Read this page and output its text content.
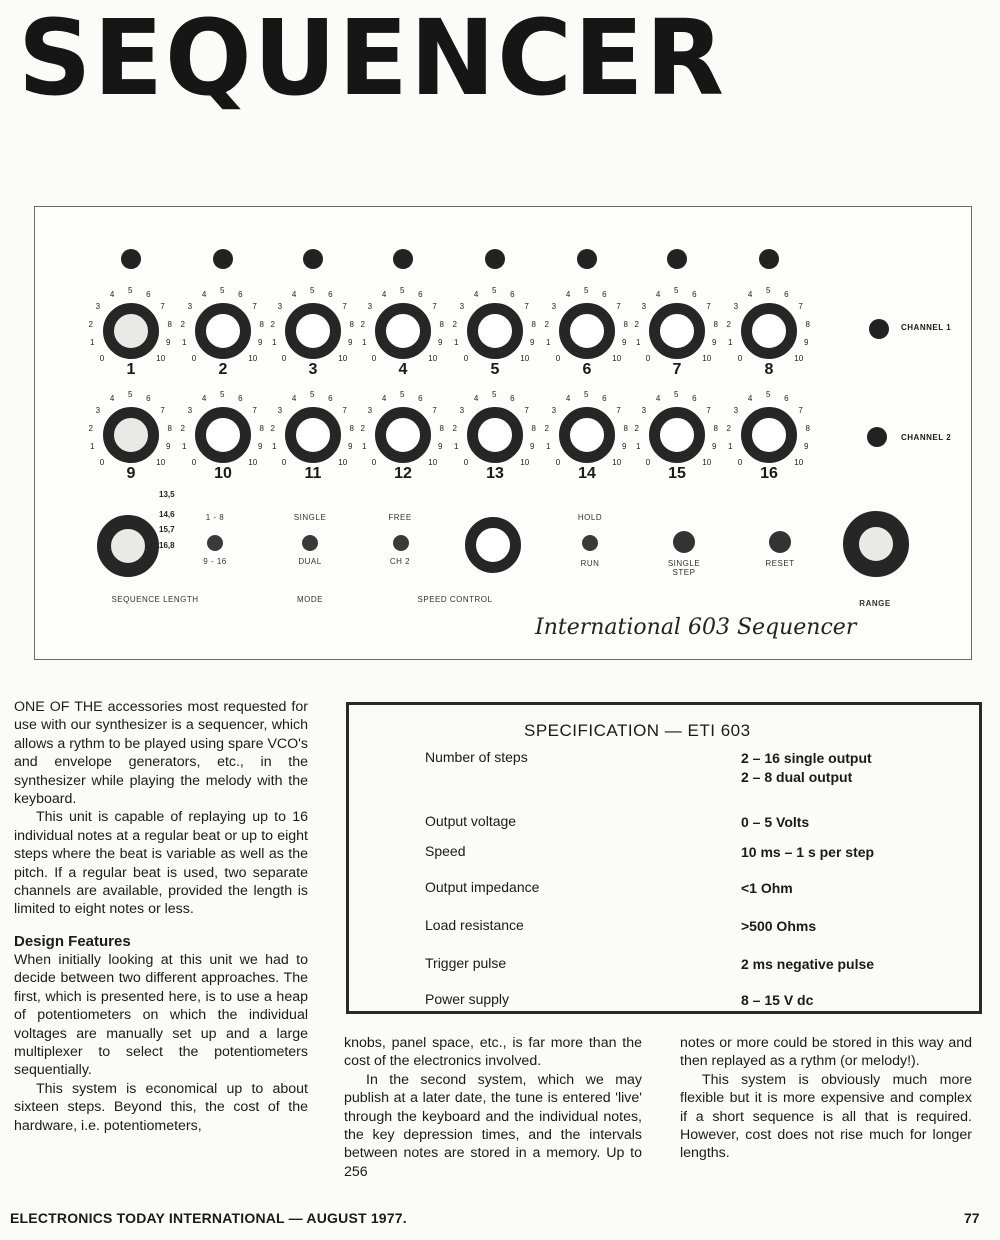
SEQUENCER
CHANNEL 1
CHANNEL 2
13,5
14,6
15,7
16,8
SEQUENCE LENGTH
1 - 8
9 - 16
SINGLE
DUAL
MODE
FREE
CH 2
SPEED CONTROL
HOLD
RUN	SINGLE STEP
RESET
RANGE
International 603 Sequencer
0
1
2
3
4 5 6
7
8
9
10
1
0
1
2
3
4 5 6
7
8
9
10
2
0
1
2
3
4 5 6
7
8
9
10
3
0
1
2
3
4 5 6
7
8
9
10
4
0
1
2
3
4 5 6
7
8
9
10
5
0
1
2
3
4 5 6
7
8
9
10
6
0
1
2
3
4 5 6
7
8
9
10
7
0
1
2
3
4 5 6
7
8
9
10
8
0
1
2
3
4 5 6
7
8
9
10
9
0
1
2
3
4 5 6
7
8
9
10
10
0
1
2
3
4 5 6
7
8
9
10
11
0
1
2
3
4 5 6
7
8
9
10
12
0
1
2
3
4 5 6
7
8
9
10
13
0
1
2
3
4 5 6
7
8
9
10
14
0
1
2
3
4 5 6
7
8
9
10
15
0
1
2
3
4 5 6
7
8
9
10
16

ONE OF THE accessories most requested for use with our synthesizer is a sequencer, which allows a rythm to be played using spare VCO's and envelope generators, etc., in the synthesizer while playing the melody with the keyboard.

This unit is capable of replaying up to 16 individual notes at a regular beat or up to eight steps where the beat is variable as well as the pitch. If a regular beat is used, two separate channels are available, provided the length is limited to eight notes or less.

Design Features

When initially looking at this unit we had to decide between two different approaches. The first, which is presented here, is to use a heap of potentiometers on which the individual voltages are manually set up and a large multiplexer to select the potentiometers sequentially.

This system is economical up to about sixteen steps. Beyond this, the cost of the hardware, i.e. potentiometers,

knobs, panel space, etc., is far more than the cost of the electronics involved.

In the second system, which we may publish at a later date, the tune is entered 'live' through the keyboard and the individual notes, the key depression times, and the intervals between notes are stored in a memory. Up to 256

notes or more could be stored in this way and then replayed as a rythm (or melody!).

This system is obviously much more flexible but it is more expensive and complex if a short sequence is all that is required. However, cost does not rise much for longer lengths.

SPECIFICATION — ETI 603
Number of steps	2 – 16 single output
2 – 8 dual output
Output voltage	0 – 5 Volts
Speed	10 ms – 1 s per step
Output impedance	<1 Ohm
Load resistance	>500 Ohms
Trigger pulse	2 ms negative pulse
Power supply	8 – 15 V dc
ELECTRONICS TODAY INTERNATIONAL — AUGUST 1977.	77
